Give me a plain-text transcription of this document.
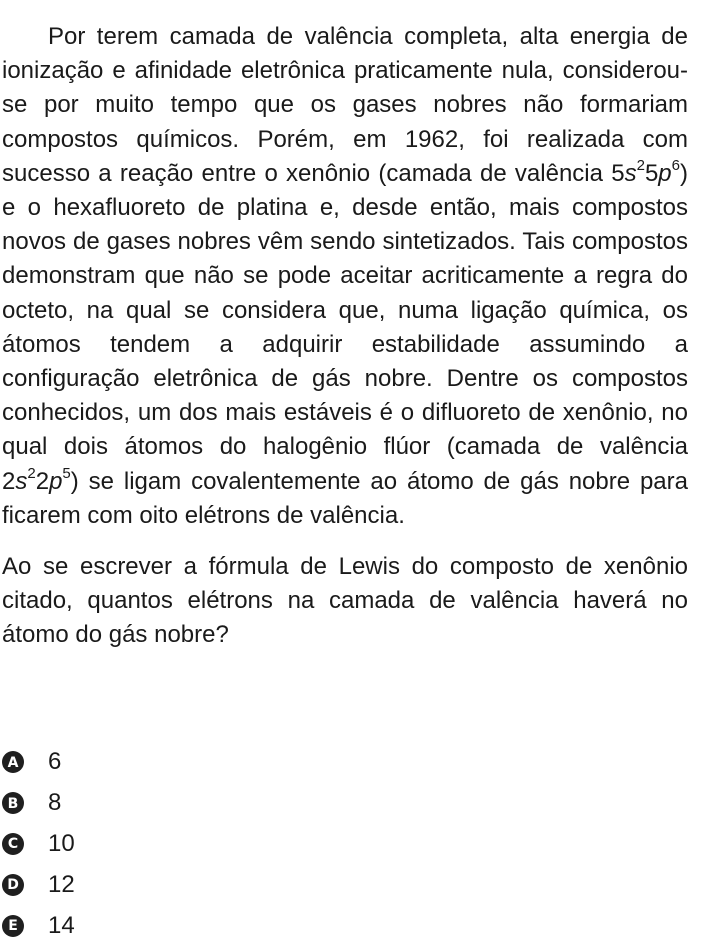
Por terem camada de valência completa, alta energia de ionização e afinidade eletrônica praticamente nula, considerou-se por muito tempo que os gases nobres não formariam compostos químicos. Porém, em 1962, foi realizada com sucesso a reação entre o xenônio (camada de valência $5s^25p^6$) e o hexafluoreto de platina e, desde então, mais compostos novos de gases nobres vêm sendo sintetizados. Tais compostos demonstram que não se pode aceitar acriticamente a regra do octeto, na qual se considera que, numa ligação química, os átomos tendem a adquirir estabilidade assumindo a configuração eletrônica de gás nobre. Dentre os compostos conhecidos, um dos mais estáveis é o difluoreto de xenônio, no qual dois átomos do halogênio flúor (camada de valência $2s^22p^5$) se ligam covalentemente ao átomo de gás nobre para ficarem com oito elétrons de valência.

Ao se escrever a fórmula de Lewis do composto de xenônio citado, quantos elétrons na camada de valência haverá no átomo do gás nobre?

A 6
B 8
C 10
D 12
E 14
